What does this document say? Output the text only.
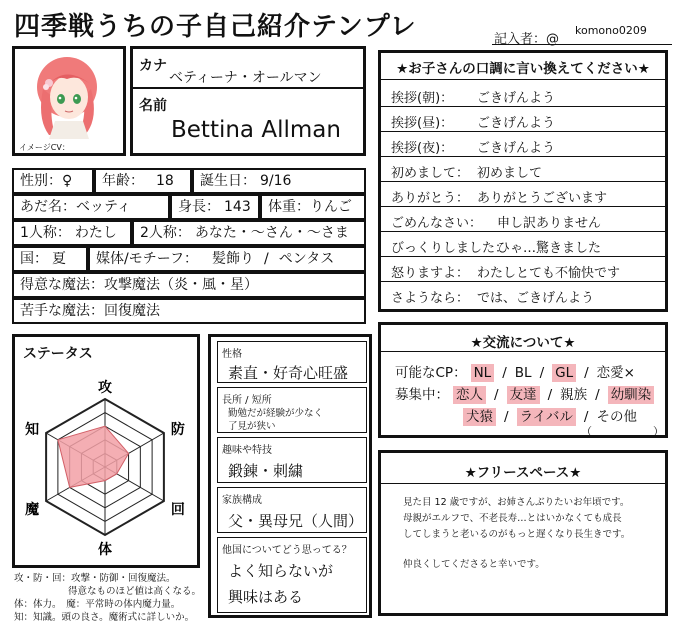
四季戦うちの子自己紹介テンプレ	記入者：@
komono0209
イメージCV：
カナ
ベティーナ・オールマン
名前
Bettina Allman
性別：♀ 年齢： 18 誕生日： 9/16
あだ名： ベッティ	身長： 143 体重： りんご
1人称： わたし 2人称： あなた・〜さん・〜さま
国： 夏 媒体/モチーフ： 髪飾り / ペンタス
得意な魔法： 攻撃魔法（炎・風・星）
苦手な魔法： 回復魔法
★お子さんの口調に言い換えてください★
挨拶(朝)： ごきげんよう
挨拶(昼)： ごきげんよう
挨拶(夜)： ごきげんよう
初めまして： 初めまして
ありがとう： ありがとうございます
ごめんなさい： 申し訳ありません
びっくりしました：ひゃ…驚きました
怒りますよ： わたしとても不愉快です
さようなら： では、ごきげんよう
ステータス
攻
防
回
体
魔
知
攻・防・回：攻撃・防御・回復魔法。
得意なものほど値は高くなる。
体：体力。　魔：平常時の体内魔力量。
知：知識。頭の良さ。魔術式に詳しいか。
性格
素直・好奇心旺盛
長所 / 短所
勤勉だが経験が少なく
了見が狭い
趣味や特技
鍛錬・刺繍
家族構成
父・異母兄（人間）
他国についてどう思ってる？
よく知らないが
興味はある
★交流について★
可能なCP： NL / BL / GL / 恋愛×
募集中： 恋人 / 友達 / 親族 / 幼馴染
犬猿 / ライバル / その他
（	）
★フリースペース★
見た目 12 歳ですが、お姉さんぶりたいお年頃です。
母親がエルフで、不老長寿…とはいかなくても成長
してしまうと老いるのがもっと遅くなり長生きです。
仲良くしてくださると幸いです。
